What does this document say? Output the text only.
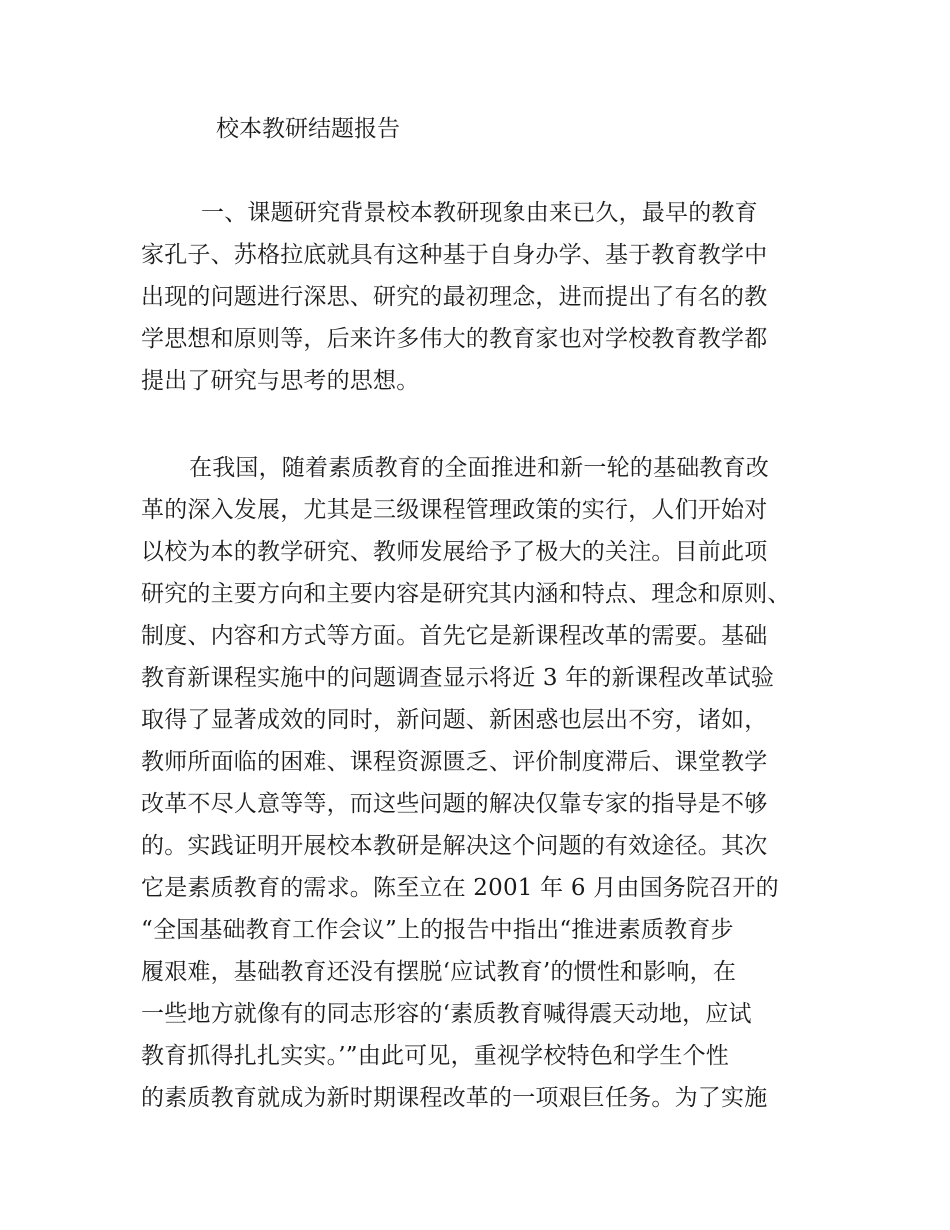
校本教研结题报告
一、课题研究背景校本教研现象由来已久，最早的教育
家孔子、苏格拉底就具有这种基于自身办学、基于教育教学中
出现的问题进行深思、研究的最初理念，进而提出了有名的教
学思想和原则等，后来许多伟大的教育家也对学校教育教学都
提出了研究与思考的思想。
在我国，随着素质教育的全面推进和新一轮的基础教育改
革的深入发展，尤其是三级课程管理政策的实行，人们开始对
以校为本的教学研究、教师发展给予了极大的关注。目前此项
研究的主要方向和主要内容是研究其内涵和特点、理念和原则、
制度、内容和方式等方面。首先它是新课程改革的需要。基础
教育新课程实施中的问题调查显示将近 3 年的新课程改革试验
取得了显著成效的同时，新问题、新困惑也层出不穷，诸如，
教师所面临的困难、课程资源匮乏、评价制度滞后、课堂教学
改革不尽人意等等，而这些问题的解决仅靠专家的指导是不够
的。实践证明开展校本教研是解决这个问题的有效途径。其次
它是素质教育的需求。陈至立在 2001 年 6 月由国务院召开的
“全国基础教育工作会议”上的报告中指出“推进素质教育步
履艰难，基础教育还没有摆脱‘应试教育’的惯性和影响，在
一些地方就像有的同志形容的‘素质教育喊得震天动地，应试
教育抓得扎扎实实。’”由此可见，重视学校特色和学生个性
的素质教育就成为新时期课程改革的一项艰巨任务。为了实施
